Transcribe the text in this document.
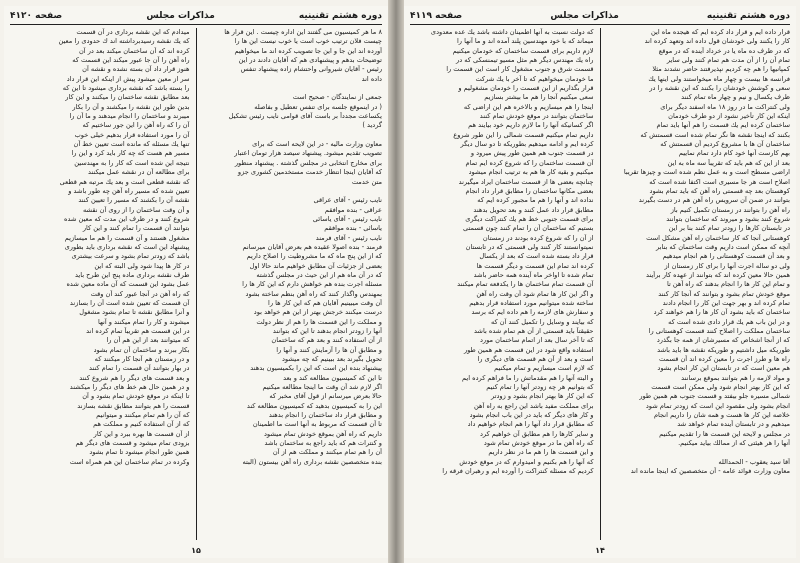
دوره هشتم تقنينيه
مذاكرات مجلس
صفحه ۴۱۲۰
۸ ما هر كميسيون مى گفتند اين اداره چيست . اين قرار ها
چيست فلان ترتيب خوب است يا خوب نيست اين ها را
آورده اند اين جا و اين جا تصويب كرده اند ما ميخواهيم
توضيحات بدهم و پيشنهادى هم كه آقايان دادند در اين
رئيس - آقايان شيروانى واحتشام زاده پيشنهاد تنفس
داده اند

جمعى از نمايندگان - صحيح است
( در اينموقع جلسه براى تنفس تعطيل و بفاصله
يكساعت مجدداً بر باست آقاى قوامى نايب رئيس تشكيل
گرديد )

معاون وزارت ماليه - در اين لايحه است كه براى
تصويب تقديم ميشود. پيشنهاد سيصد هزار تومان اعتبار
براى مخارج انتخابى در مجلس گذشته . پيشنهاد منظور
كه آقايان اينجا انتظار خدمت مستخدمين كشورى جزو
متن خدمت

نايب رئيس - آقاى عراقى
عراقى - بنده موافقم
نايب رئيس - آقاى ياسائى
ياسائى - بنده موافقم
نايب رئيس - آقاى فرمند
فرمند - بنده اصولا عقيده هم بعرض آقايان ميرسانم
كه از اين پنج ماه كه ما مشروطيت را اصلاح داريم
بعضى از جزئيات آن مطابق خواهيم ماند حالا اول
كه در آن ماه هم از اين حيث در مجلس گذشته
مسئله اجرت بنده هم خواهش دارم كه اين كار ها را
بمهندس واگذار كنند كه راه آهن بنظم ساخته بشود
آن وقت ميبينيم آقايان هم كه اين كار ها را
درست ميكنند خرجش بهتر از اين هم خواهد بود
و مملكت را اين قسمت ها را هم از نظر دولت
آنها را زودتر انجام بدهند تا اين كه بتوانند
از آن استفاده كنند و بعد هم كه ساختمان
و مطابق آن ها را آزمايش كنند و آنها را
تحويل بگيرند بعد ببينيم كه چه ميشود
پيشنهاد بنده اين است كه اين را بكميسيون بدهند
تا اين كه كميسيون مطالعه كند و بعد
اگر لازم شد آن وقت ما اينجا مطالعه ميكنيم
حالا بعرض ميرسانم از قول آقاى مخبر كه
اين را به كميسيون بدهيد كه كميسيون مطالعه كند
و مطابق قرار داد ساختمان را انجام بدهند
تا آن قسمت كه مربوط به آنها است ما اطمينان
داريم كه راه آهن بموقع خودش تمام ميشود
و كنترات هم كه بايد راجع به ساختمان باشد
آن را هم تمام ميكنند و مملكت هم از آن
بنده متخصصين نقشه بردارى راه آهن بيستون (البته
ميدادم كه اين نقشه بردارى در آن قسمت
كه يك نقشه رسيدبرداشته اند ك حدودى را معين
كرده اند كه آن ساختمان ميكند بعد در آن
راه آهن را آن جا عبور ميكند اين قسمت كه
هنوز قرار داد آن بسته نشده و نقشه آن
سر از معين ميشود پيش از اينكه اين قرار داد
را بسته باشد كه نقشه بردارى ميشود تا اين كه
بعد مطابق نقشه ساختمان را ميكنند و اين كار
بدين طور اين نقشه را ميكشند و آن را بكار
ميبرند و ساختمان را انجام ميدهند و ما آن را
آن را كه راه آهن را اين جور ساختيم كه
آن را مورد استفاده قرار بدهيم خيلى خوب
تنها يك مسئله كه مانده است تعيين خط آن
مسير هم هست كه چه كار بايد كرد و اين را
نتيجه اين شده است كه كار را به مهندسين
براى مطالعه آن در نقشه عمل ميكنند
كه نقشه قطعى است و بعد يك مرتبه هم قطعى
تعيين شده كه مسير راه آهن چه طور باشد و
نقشه آن را بكشند كه مسير را تعيين كنند
و آن وقت ساختمان را از روى آن نقشه
شروع كنند و در ظرف اين مدت كه معين شده
بتوانند آن قسمت را تمام كنند و اين كار
مشغول هستند و آن قسمت را هم ما ميسازيم
پيشنهاد اين است كه نقشه بردارى بايد بطورى
باشد كه زودتر تمام بشود و سرعت بيشترى
در كار ها پيدا شود ولى البته كه اين
طرف نقشه بردارى ماده پنج اين طرح بايد
عمل بشود اين قسمت كه آن ماده معين شده
كه راه آهن در آنجا عبور كند آن وقت
آن قسمت كه تعيين شده است آن را بسازند
و آنرا مطابق نقشه تا تمام بشود مشغول
ميشوند و كار را تمام ميكنند و آنها
در اين قسمت هم تقريباً تمام كرده اند
كه ميتوانند بعد از اين هم آن را
بكار ببرند و ساختمان آن تمام بشود
و در زمستان هم آنجا كار ميكنند كه
در بهار بتوانند آن قسمت را تمام كنند
و بعد قسمت هاى ديگر را هم شروع كنند
و در همين حال هم خط هاى ديگر را ميكشند
تا اينكه در موقع خودش تمام بشود و آن
قسمت را هم بتوانند مطابق نقشه بسازند
كه آن را هم تمام ميكنند و ميتوانيم
كه از آن استفاده كنيم و مملكت هم
از آن قسمت ها بهره ببرد و اين كار
بزودى تمام ميشود و قسمت هاى ديگر هم
همين طور انجام ميشود تا تمام بشود
وكرده در تمام ساختمان اين هم همراه است
۱۵
دوره هشتم تقنينيه
مذاكرات مجلس
صفحه ۴۱۱۹
قرار داده ايم و قرار داد كرده ايم كه هيجده ماه اين
كار را يكنند ولى خودشان قول داده اند وتعهد كرده اند
كه در ظرف ده ماه يا در خرداد آينده كه در موقع
تمام آن را از آن مدت هم تمام كنند ولى ساير
كمپانيها را هم چه كرديم نپذيرفتند حاضر نشدند مثلا
فرانسه ها بيست و چهار ماه ميخواستند ولى اينها يك
سعى و كوشش خودشان را بكنند كه اين نقشه را در
ظرف يكسال و نيم و چهار ماه تمام كنند
ولى كنتراكت ما در روز ۱۸ ماه اسفند ديگر براى
اينكه اين كار تأخير نشود از دو طرف خودمان
ساختمان كرده ايم يك قسمت را هم آنها بايد تمام
بكنند كه اينجا نقشه ها نگر تمام شده است قسمتش كه
ساختمان آن ها با مشروع كرديم آن قسمتش كه
بهم كارست آنها خود كام دارد تمام نماييم
بعد از اين كه هم بايد كه تقريباً سه ماه به اين
اراضى مسطح است و به عمل نظم شده است و چيزها تقريبا
اصلاح است هر جا مسيرى است اكتفا شده است كه
كوهستان بعد چه قسمتى راه آهن كه بايد تمام بشود
بتوانند در ضمن آن سرويس راه آهن هم در دست بگيرند
راه آهن را بتوانند در زمستان تكميل كنيم باز
شروع كنند بشود و ميروند كه ساختمان بتوانند
در تابستان كارها را زودتر تمام كنند بنا بر اين
كوهستانى آنجا كه كار ساختمان راه آهن مشكل است
آنچه كه ممكن است داريم وقت ساختمان كه بنابر
و بعد آن قسمت كوهستانى را هم انجام ميدهيم
ولى دو ساله اجرت آنها را براى كار زمستان از
همين حالا معين كرده اند كه بتوانند از عهده كار برآيند
و تمام اين كار ها را انجام بدهند كه راه آهن تا
موقع خودش تمام بشود و بتوانند كه آنجا كار كنند
تمام كرده اند و بهر جهت اين كار را انجام دادند
ساختمان كه بايد بشود آن كار ها را هم خواهند كرد
و در اين باب هم يك قرار دادى شده است كه
ساختمان مملكت را اصلاح كنند قسمت كوهستانى را
كه از آنجا اشخاص كه مسيرشان از همه جا بگذرد
طوريكه ميل داشتيم و طوريكه نقشه ها بايد باشد
راه ها و طرز اجرت را معين كرده اند آن قسمت
هم معين است كه در تابستان اين كار انجام بشود
و مواد لازمه را هم بتوانند بموقع برسانند
كه اين كار بهتر انجام شود ولى ممكن است قسمت
شمالى مسيره جلو بيفتد و قسمت جنوب هم همين طور
انجام بشود ولى مقصود اين است كه زودتر تمام شود
خلاصه اين كار ها هست و همه شان را داريم انجام
ميدهيم و در تابستان آينده تمام خواهد شد
در مجلس و لايحه اين قسمت ها را تقديم ميكنيم
آنها را هر هيئتى كه از ممالك بيايد ميكنيم.

آقا سيد يعقوب - الحمدالله
معاون وزارت فوائد عامه - آن متخصصين كه اينجا مانده اند
كه دولت نسبت به آنها اطمينان داشته باشد يك عده معدودى
ميماند كه با خود مهندسين پلند آمده اند و ما آنها را
لازم داريم براى قسمت ساختمان كه خودمان ميكنيم
راه يك مهندس ديگر هم مثل مسيو تيمنسكى كه در
قسمت شرق و جنوب مشغول كار است اين قسمت را
ما خودمان ميخواهيم كه تا آخر با يك شركت
قرار بگذاريم از اين قسمت را خودمان مشغوليم و
سعى ميكنيم آنجا را هم ما بيشتر بسازيم
اينجا را هم ميسازيم و بالاخره هم اين اراضى كه
ساختمان بتوانند در موقع خودش تمام كنند
اگر كسانيكه آنها را ما لازم داريم خود بيايند هم
داريم تمام ميكنيم قسمت شمالى را اين طور شروع
كرده ايم و ادامه ميدهيم بطوريكه تا دو سال ديگر
در قسمت جنوب هم همين طور پيش ميرود و
آن قسمت ساختمان را كه شروع كرده ايم تمام
ميكنيم و بقيه كار ها هم به ترتيب انجام ميشود
چنانچه بعضى ها از قسمت ساختمان ايراد ميگيرند
بعضى مكانها ساختمان را مطابق قرار داد انجام
نداده اند و آنها را هم ما مجبور كرده ايم كه
مطابق قرار داد عمل كنند و بعد تحويل بدهند
براى قسمت جنوبى خط هم يك كنتراكت ديگرى
بستيم كه ساختمان آن را تمام كنند چون قسمتى
از آن را كه شروع كرده بودند در زمستان
نميتوانستند كار كنند ولى قسمتى كه در تابستان
قرار داد بسته شده است كه بعد از يكسال
كرده اند تمام اين قسمت و ديگر قسمت ها
تمام شده تا اواخر ماه آينده همه حاضر باشد
آن قسمت تمام ساختمان ها را يكدفعه تمام ميكنند
و اگر اين كار ها تمام شود آن وقت راه آهن
ساخته شده ميتوانيم مورد استفاده قرار بدهيم
و سفارش هاى لازمه را هم داده ايم كه برسد
كه بيايند و وسايل را تكميل كنند آن كه
حقيقتاً بايد قسمتى از آن هم تمام شده باشد
كه تا آخر سال بعد از اتمام ساختمان مورد
استفاده واقع شود در اين قسمت هم همين طور
است و بعد از آن هم قسمت هاى ديگرى را
كه لازم است ميسازيم و تمام ميكنيم
و البته آنها را هم مقدماتش را ما فراهم كرده ايم
كه بتوانيم هر چه زودتر آنها را تمام كنيم
كه اين كار ها بهتر انجام بشود و زودتر
براى مملكت مفيد باشد اين راجع به راه آهن
و كار هاى ديگر كه بايد در اين باب انجام بشود
كه مطابق قرار داد آنها را هم انجام خواهيم داد
و ساير كارها را هم مطابق آن خواهيم كرد
كه راه آهن ما در موقع خودش تمام شود
و اين قسمت ها را هم ما در نظر داريم
كه آنها را هم بكنيم و اميدوارم كه در موقع خودش
كرديم كه مسئله كنتراكت را آورده ايم و رهبران فرقه را
۱۴
